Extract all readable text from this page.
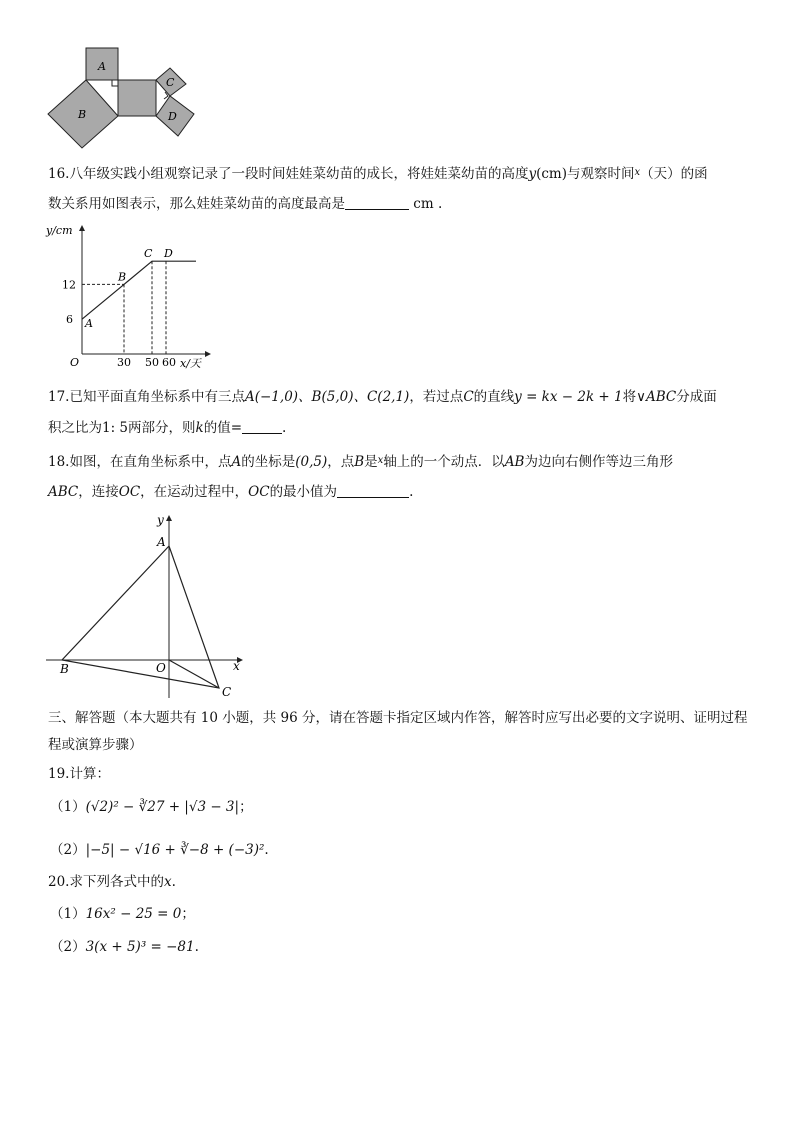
A
B
C
D
16.八年级实践小组观察记录了一段时间娃娃菜幼苗的成长，将娃娃菜幼苗的高度y(cm)与观察时间$^x$（天）的函
数关系用如图表示，那么娃娃菜幼苗的高度最高是	cm .
y/cm
x/天
O
6
12
30 50 60
A
B
C D
17.已知平面直角坐标系中有三点A(−1,0)、B(5,0)、C(2,1)，若过点C的直线y = kx − 2k + 1将∨ABC分成面
积之比为1: 5两部分，则k的值=	.
18.如图，在直角坐标系中，点A的坐标是(0,5)，点B是$^x$轴上的一个动点．以AB为边向右侧作等边三角形
ABC，连接OC，在运动过程中，OC的最小值为	.
y
x
A
B	O
C
三、解答题（本大题共有 10 小题，共 96 分，请在答题卡指定区域内作答，解答时应写出必要的文字说明、证明过程
程或演算步骤）
19.计算：
（1）(√2)² − ∛27 + |√3 − 3|；
（2）|−5| − √16 + ∛−8 + (−3)².
20.求下列各式中的x.
（1）16x² − 25 = 0；
（2）3(x + 5)³ = −81.
